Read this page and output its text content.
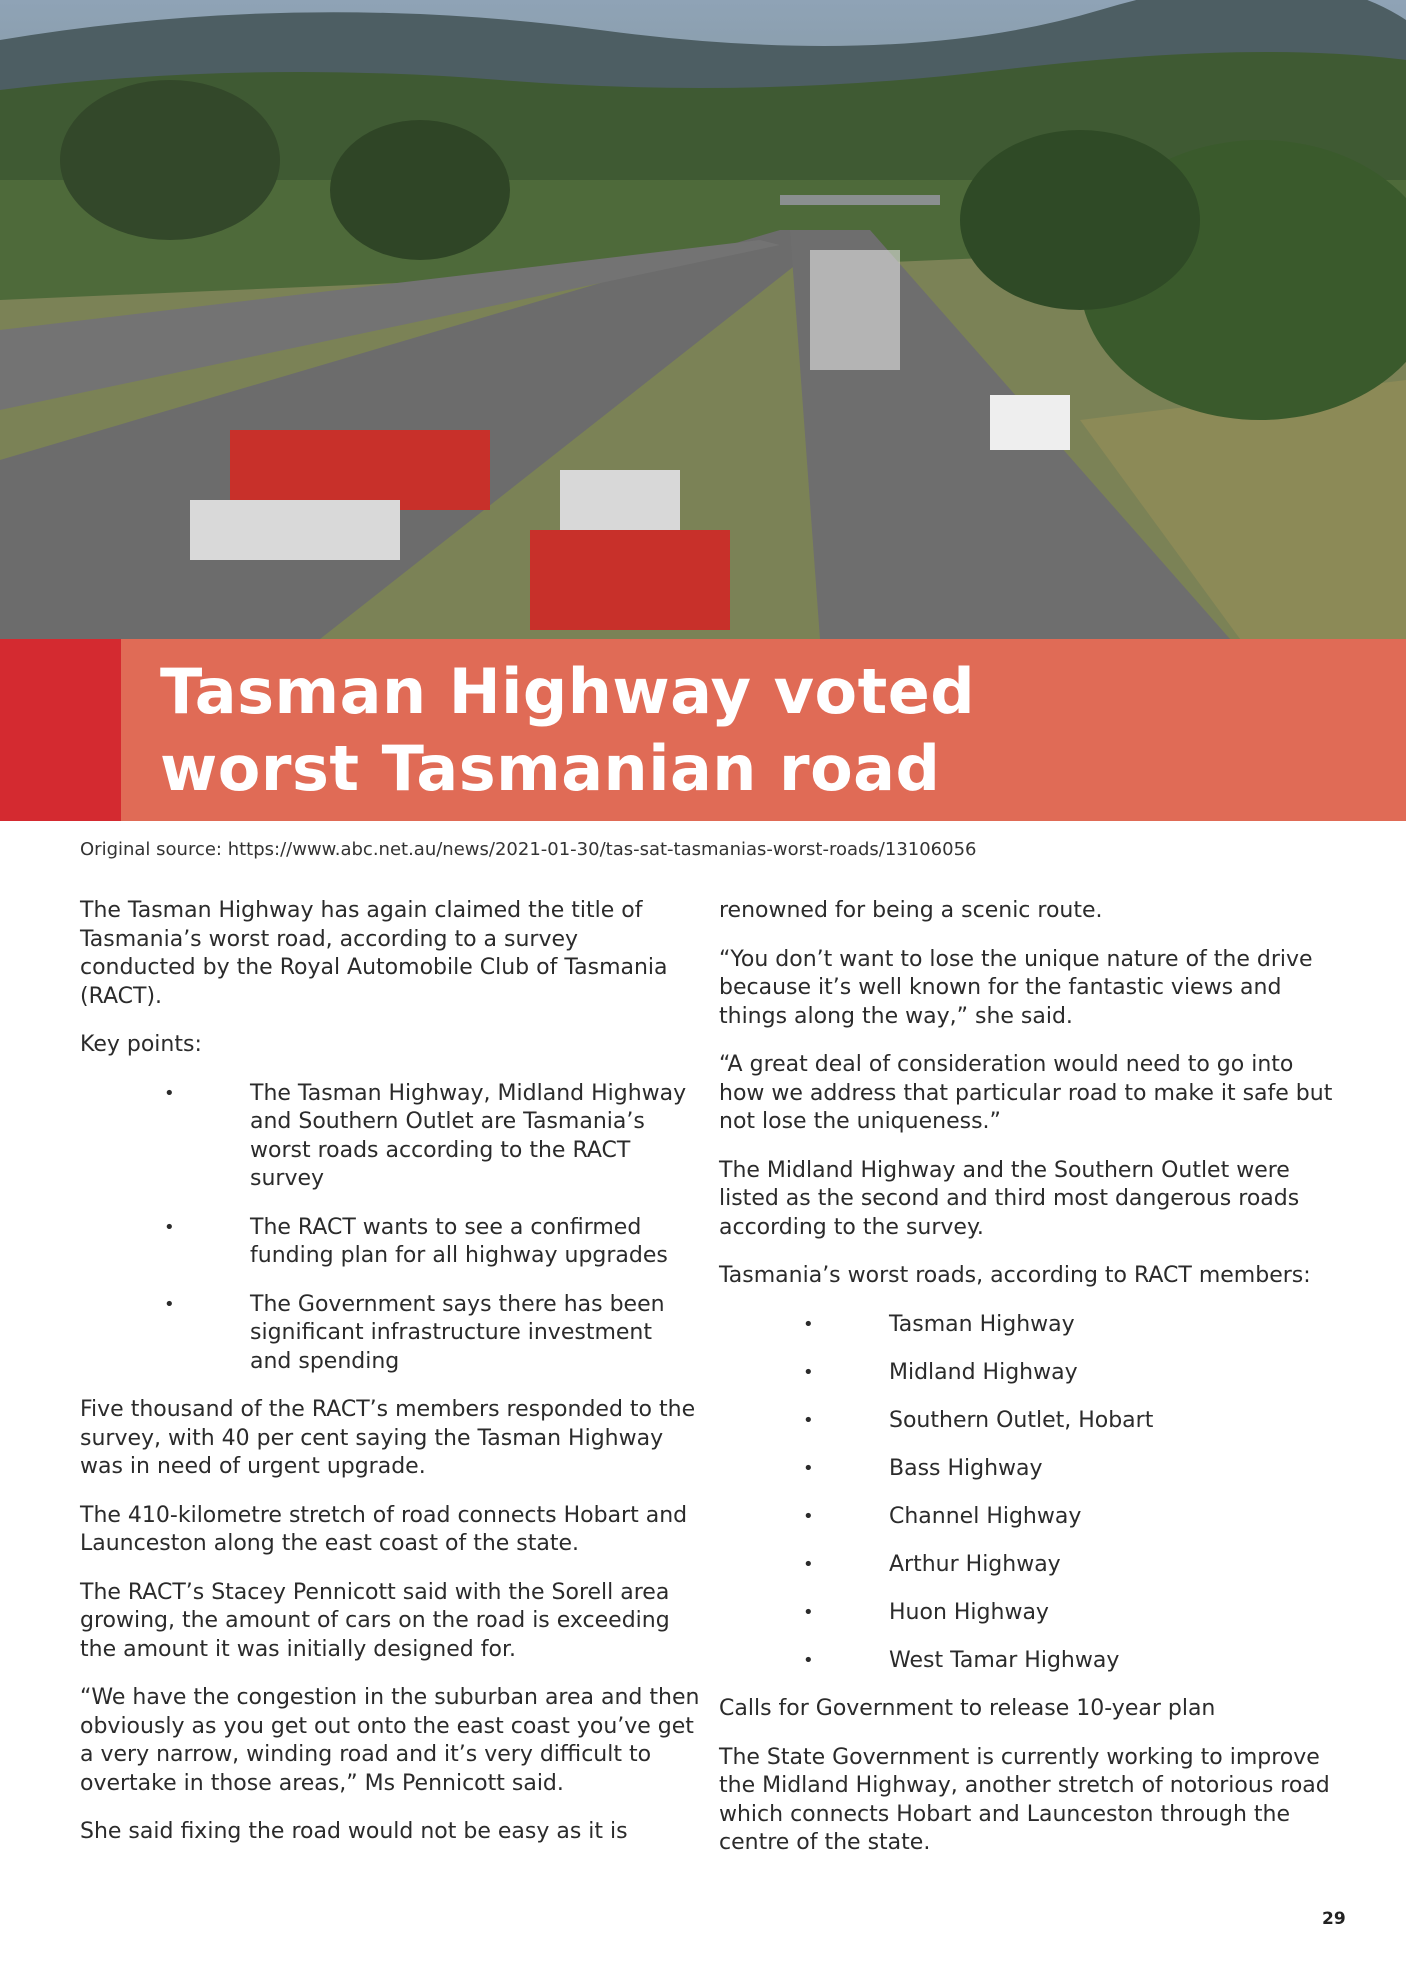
Tasman Highway voted
worst Tasmanian road
Original source: https://www.abc.net.au/news/2021-01-30/tas-sat-tasmanias-worst-roads/13106056

The Tasman Highway has again claimed the title of Tasmania’s worst road, according to a survey conducted by the Royal Automobile Club of Tasmania (RACT).

Key points:

•	The Tasman Highway, Midland Highway and Southern Outlet are Tasmania’s worst roads according to the RACT survey
•	The RACT wants to see a confirmed funding plan for all highway upgrades
•	The Government says there has been significant infrastructure investment and spending

Five thousand of the RACT’s members responded to the survey, with 40 per cent saying the Tasman Highway was in need of urgent upgrade.

The 410-kilometre stretch of road connects Hobart and Launceston along the east coast of the state.

The RACT’s Stacey Pennicott said with the Sorell area growing, the amount of cars on the road is exceeding the amount it was initially designed for.

“We have the congestion in the suburban area and then obviously as you get out onto the east coast you’ve get a very narrow, winding road and it’s very difficult to overtake in those areas,” Ms Pennicott said.

She said fixing the road would not be easy as it is

renowned for being a scenic route.

“You don’t want to lose the unique nature of the drive because it’s well known for the fantastic views and things along the way,” she said.

“A great deal of consideration would need to go into how we address that particular road to make it safe but not lose the uniqueness.”

The Midland Highway and the Southern Outlet were listed as the second and third most dangerous roads according to the survey.

Tasmania’s worst roads, according to RACT members:

•	Tasman Highway
•	Midland Highway
•	Southern Outlet, Hobart
•	Bass Highway
•	Channel Highway
•	Arthur Highway
•	Huon Highway
•	West Tamar Highway

Calls for Government to release 10-year plan

The State Government is currently working to improve the Midland Highway, another stretch of notorious road which connects Hobart and Launceston through the centre of the state.

29
